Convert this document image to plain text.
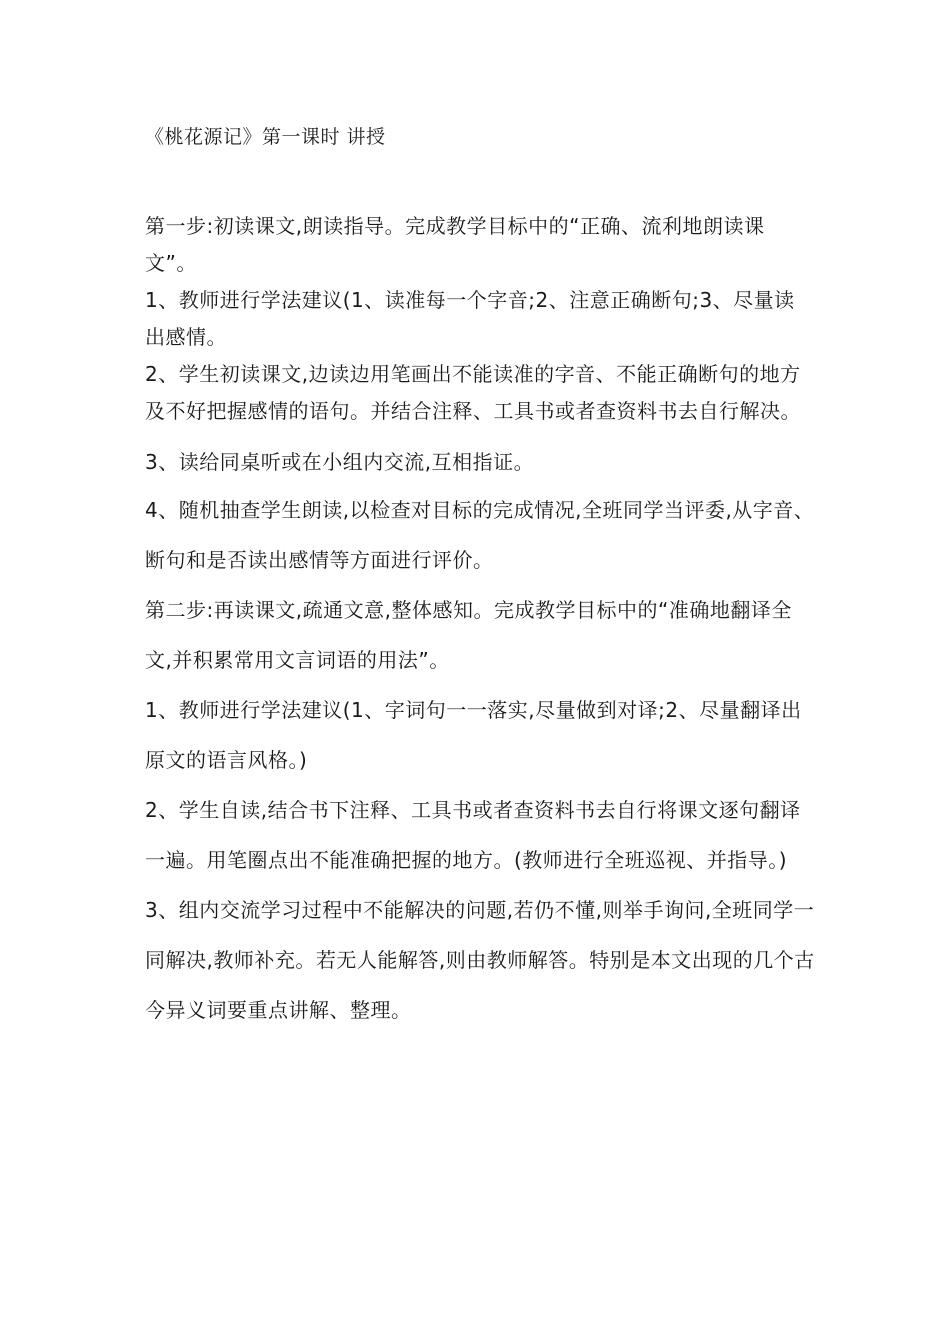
《桃花源记》第一课时 讲授

第一步:初读课文,朗读指导。完成教学目标中的“正确、流利地朗读课文”。

1、教师进行学法建议(1、读准每一个字音;2、注意正确断句;3、尽量读出感情。

2、学生初读课文,边读边用笔画出不能读准的字音、不能正确断句的地方及不好把握感情的语句。并结合注释、工具书或者查资料书去自行解决。

3、读给同桌听或在小组内交流,互相指证。

4、随机抽查学生朗读,以检查对目标的完成情况,全班同学当评委,从字音、断句和是否读出感情等方面进行评价。

第二步:再读课文,疏通文意,整体感知。完成教学目标中的“准确地翻译全文,并积累常用文言词语的用法”。

1、教师进行学法建议(1、字词句一一落实,尽量做到对译;2、尽量翻译出原文的语言风格。)

2、学生自读,结合书下注释、工具书或者查资料书去自行将课文逐句翻译一遍。用笔圈点出不能准确把握的地方。(教师进行全班巡视、并指导。)

3、组内交流学习过程中不能解决的问题,若仍不懂,则举手询问,全班同学一同解决,教师补充。若无人能解答,则由教师解答。特别是本文出现的几个古今异义词要重点讲解、整理。
